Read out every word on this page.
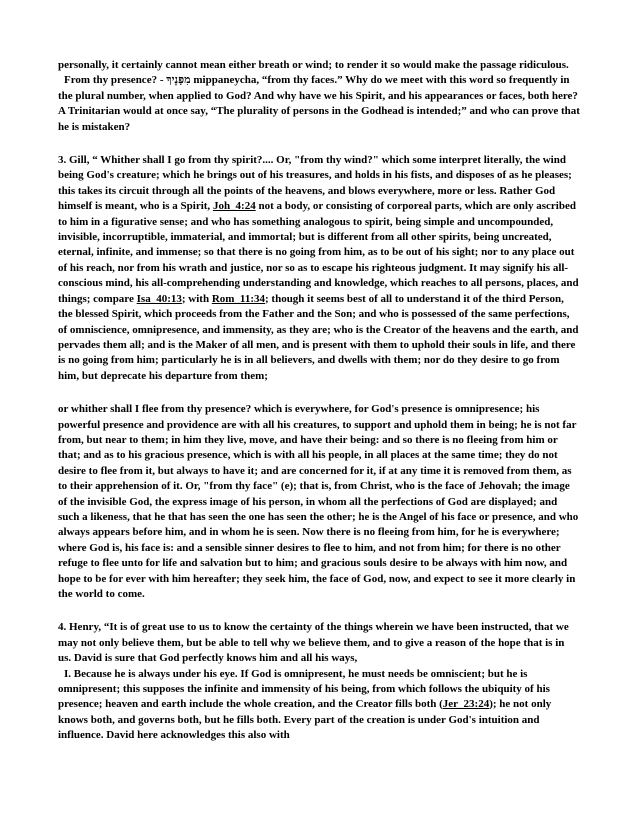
personally, it certainly cannot mean either breath or wind; to render it so would make the passage ridiculous.

From thy presence? - מִפָּנֶיךָ mippaneycha, “from thy faces.” Why do we meet with this word so frequently in the plural number, when applied to God? And why have we his Spirit, and his appearances or faces, both here? A Trinitarian would at once say, “The plurality of persons in the Godhead is intended;” and who can prove that he is mistaken?

3. Gill, “ Whither shall I go from thy spirit?.... Or, "from thy wind?" which some interpret literally, the wind being God's creature; which he brings out of his treasures, and holds in his fists, and disposes of as he pleases; this takes its circuit through all the points of the heavens, and blows everywhere, more or less. Rather God himself is meant, who is a Spirit, Joh_4:24 not a body, or consisting of corporeal parts, which are only ascribed to him in a figurative sense; and who has something analogous to spirit, being simple and uncompounded, invisible, incorruptible, immaterial, and immortal; but is different from all other spirits, being uncreated, eternal, infinite, and immense; so that there is no going from him, as to be out of his sight; nor to any place out of his reach, nor from his wrath and justice, nor so as to escape his righteous judgment. It may signify his all-conscious mind, his all-comprehending understanding and knowledge, which reaches to all persons, places, and things; compare Isa_40:13; with Rom_11:34; though it seems best of all to understand it of the third Person, the blessed Spirit, which proceeds from the Father and the Son; and who is possessed of the same perfections, of omniscience, omnipresence, and immensity, as they are; who is the Creator of the heavens and the earth, and pervades them all; and is the Maker of all men, and is present with them to uphold their souls in life, and there is no going from him; particularly he is in all believers, and dwells with them; nor do they desire to go from him, but deprecate his departure from them;

or whither shall I flee from thy presence? which is everywhere, for God's presence is omnipresence; his powerful presence and providence are with all his creatures, to support and uphold them in being; he is not far from, but near to them; in him they live, move, and have their being: and so there is no fleeing from him or that; and as to his gracious presence, which is with all his people, in all places at the same time; they do not desire to flee from it, but always to have it; and are concerned for it, if at any time it is removed from them, as to their apprehension of it. Or, "from thy face" (e); that is, from Christ, who is the face of Jehovah; the image of the invisible God, the express image of his person, in whom all the perfections of God are displayed; and such a likeness, that he that has seen the one has seen the other; he is the Angel of his face or presence, and who always appears before him, and in whom he is seen. Now there is no fleeing from him, for he is everywhere; where God is, his face is: and a sensible sinner desires to flee to him, and not from him; for there is no other refuge to flee unto for life and salvation but to him; and gracious souls desire to be always with him now, and hope to be for ever with him hereafter; they seek him, the face of God, now, and expect to see it more clearly in the world to come.

4. Henry, “It is of great use to us to know the certainty of the things wherein we have been instructed, that we may not only believe them, but be able to tell why we believe them, and to give a reason of the hope that is in us. David is sure that God perfectly knows him and all his ways,

I. Because he is always under his eye. If God is omnipresent, he must needs be omniscient; but he is omnipresent; this supposes the infinite and immensity of his being, from which follows the ubiquity of his presence; heaven and earth include the whole creation, and the Creator fills both (Jer_23:24); he not only knows both, and governs both, but he fills both. Every part of the creation is under God's intuition and influence. David here acknowledges this also with
